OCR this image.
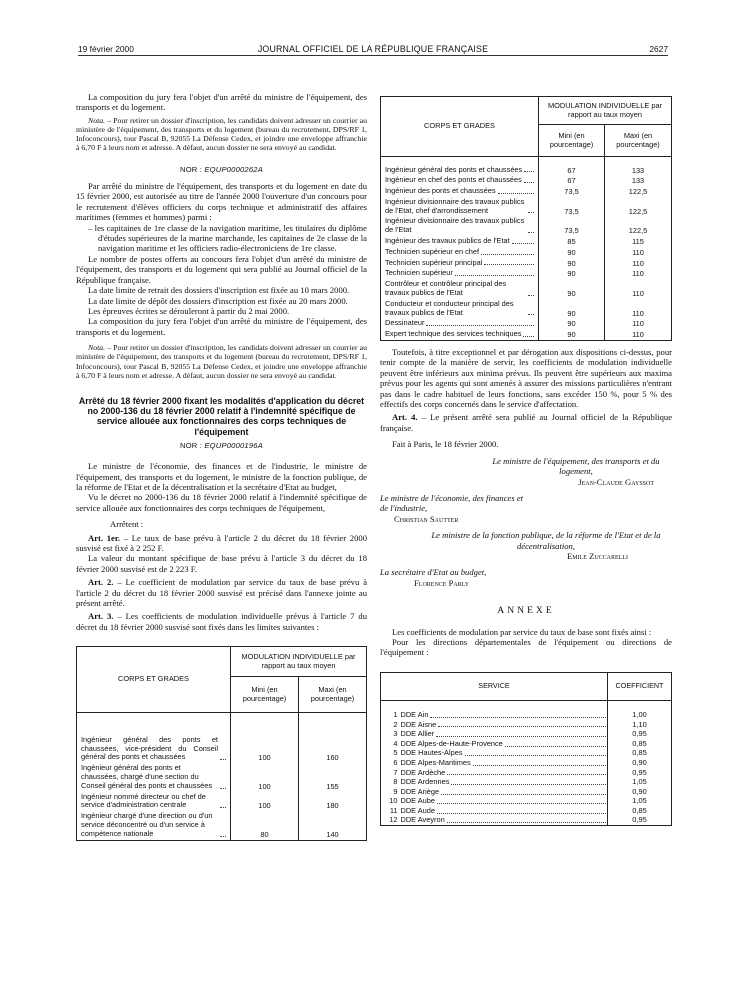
19 février 2000	JOURNAL OFFICIEL DE LA RÉPUBLIQUE FRANÇAISE	2627

La composition du jury fera l'objet d'un arrêté du ministre de l'équipement, des transports et du logement.

Nota. – Pour retirer un dossier d'inscription, les candidats doivent adresser un courrier au ministère de l'équipement, des transports et du logement (bureau du recrutement, DPS/RF 1, Infoconcours), tour Pascal B, 92055 La Défense Cedex, et joindre une enveloppe affranchie à 6,70 F à leurs nom et adresse. A défaut, aucun dossier ne sera envoyé au candidat.

NOR : EQUP0000262A

Par arrêté du ministre de l'équipement, des transports et du logement en date du 15 février 2000, est autorisée au titre de l'année 2000 l'ouverture d'un concours pour le recrutement d'élèves officiers du corps technique et administratif des affaires maritimes (femmes et hommes) parmi :

– les capitaines de 1re classe de la navigation maritime, les titulaires du diplôme d'études supérieures de la marine marchande, les capitaines de 2e classe de la navigation maritime et les officiers radio-électroniciens de 1re classe.

Le nombre de postes offerts au concours fera l'objet d'un arrêté du ministre de l'équipement, des transports et du logement qui sera publié au Journal officiel de la République française.

La date limite de retrait des dossiers d'inscription est fixée au 10 mars 2000.

La date limite de dépôt des dossiers d'inscription est fixée au 20 mars 2000.

Les épreuves écrites se dérouleront à partir du 2 mai 2000.

La composition du jury fera l'objet d'un arrêté du ministre de l'équipement, des transports et du logement.

Nota. – Pour retirer un dossier d'inscription, les candidats doivent adresser un courrier au ministère de l'équipement, des transports et du logement (bureau du recrutement, DPS/RF 1, Infoconcours), tour Pascal B, 92055 La Défense Cedex, et joindre une enveloppe affranchie à 6,70 F à leurs nom et adresse. A défaut, aucun dossier ne sera envoyé au candidat.

Arrêté du 18 février 2000 fixant les modalités d'application du décret no 2000-136 du 18 février 2000 relatif à l'indemnité spécifique de service allouée aux fonctionnaires des corps techniques de l'équipement
NOR : EQUP0000196A

Le ministre de l'économie, des finances et de l'industrie, le ministre de l'équipement, des transports et du logement, le ministre de la fonction publique, de la réforme de l'Etat et de la décentralisation et la secrétaire d'Etat au budget,

Vu le décret no 2000-136 du 18 février 2000 relatif à l'indemnité spécifique de service allouée aux fonctionnaires des corps techniques de l'équipement,

Arrêtent :

Art. 1er. – Le taux de base prévu à l'article 2 du décret du 18 février 2000 susvisé est fixé à 2 252 F.

La valeur du montant spécifique de base prévu à l'article 3 du décret du 18 février 2000 susvisé est de 2 223 F.

Art. 2. – Le coefficient de modulation par service du taux de base prévu à l'article 2 du décret du 18 février 2000 susvisé est précisé dans l'annexe jointe au présent arrêté.

Art. 3. – Les coefficients de modulation individuelle prévus à l'article 7 du décret du 18 février 2000 susvisé sont fixés dans les limites suivantes :

CORPS ET GRADES	MODULATION INDIVIDUELLE par rapport au taux moyen	
	Mini (en pourcentage)	Maxi (en pourcentage)

Ingénieur général des ponts et chaussées, vice-président du Conseil général des ponts et chaussées	100	160

Ingénieur général des ponts et chaussées, chargé d'une section du Conseil général des ponts et chaussées	100	155

Ingénieur nommé directeur ou chef de service d'administration centrale	100	180

Ingénieur chargé d'une direction ou d'un service déconcentré ou d'un service à compétence nationale	80	140
CORPS ET GRADES	MODULATION INDIVIDUELLE par rapport au taux moyen	
	Mini (en pourcentage)	Maxi (en pourcentage)

Ingénieur général des ponts et chaussées	67	133

Ingénieur en chef des ponts et chaussées	67	133

Ingénieur des ponts et chaussées	73,5	122,5

Ingénieur divisionnaire des travaux publics de l'Etat, chef d'arrondissement	73,5	122,5

Ingénieur divisionnaire des travaux publics de l'Etat	73,5	122,5

Ingénieur des travaux publics de l'Etat	85	115

Technicien supérieur en chef	90	110

Technicien supérieur principal	90	110

Technicien supérieur	90	110

Contrôleur et contrôleur principal des travaux publics de l'Etat	90	110

Conducteur et conducteur principal des travaux publics de l'Etat	90	110

Dessinateur	90	110

Expert technique des services techniques	90	110

Toutefois, à titre exceptionnel et par dérogation aux dispositions ci-dessus, pour tenir compte de la manière de servir, les coefficients de modulation individuelle peuvent être inférieurs aux minima prévus. Ils peuvent être supérieurs aux maxima prévus pour les agents qui sont amenés à assurer des missions particulières n'entrant pas dans le cadre habituel de leurs fonctions, sans excéder 150 %, pour 5 % des effectifs des corps concernés dans le service d'affectation.

Art. 4. – Le présent arrêté sera publié au Journal officiel de la République française.

Fait à Paris, le 18 février 2000.

Le ministre de l'équipement, des transports et du logement,
Jean-Claude Gayssot
Le ministre de l'économie, des finances et de l'industrie,
Christian Sautter
Le ministre de la fonction publique, de la réforme de l'Etat et de la décentralisation,
Emile Zuccarelli
La secrétaire d'Etat au budget,
Florence Parly
ANNEXE

Les coefficients de modulation par service du taux de base sont fixés ainsi :

Pour les directions départementales de l'équipement ou directions de l'équipement :

SERVICE		COEFFICIENT

1	DDE Ain	1,00
2	DDE Aisne	1,10
3	DDE Allier	0,95
4	DDE Alpes-de-Haute-Provence	0,85
5	DDE Hautes-Alpes	0,85
6	DDE Alpes-Maritimes	0,90
7	DDE Ardèche	0,95
8	DDE Ardennes	1,05
9	DDE Ariège	0,90
10	DDE Aube	1,05
11	DDE Aude	0,85
12	DDE Aveyron	0,95
